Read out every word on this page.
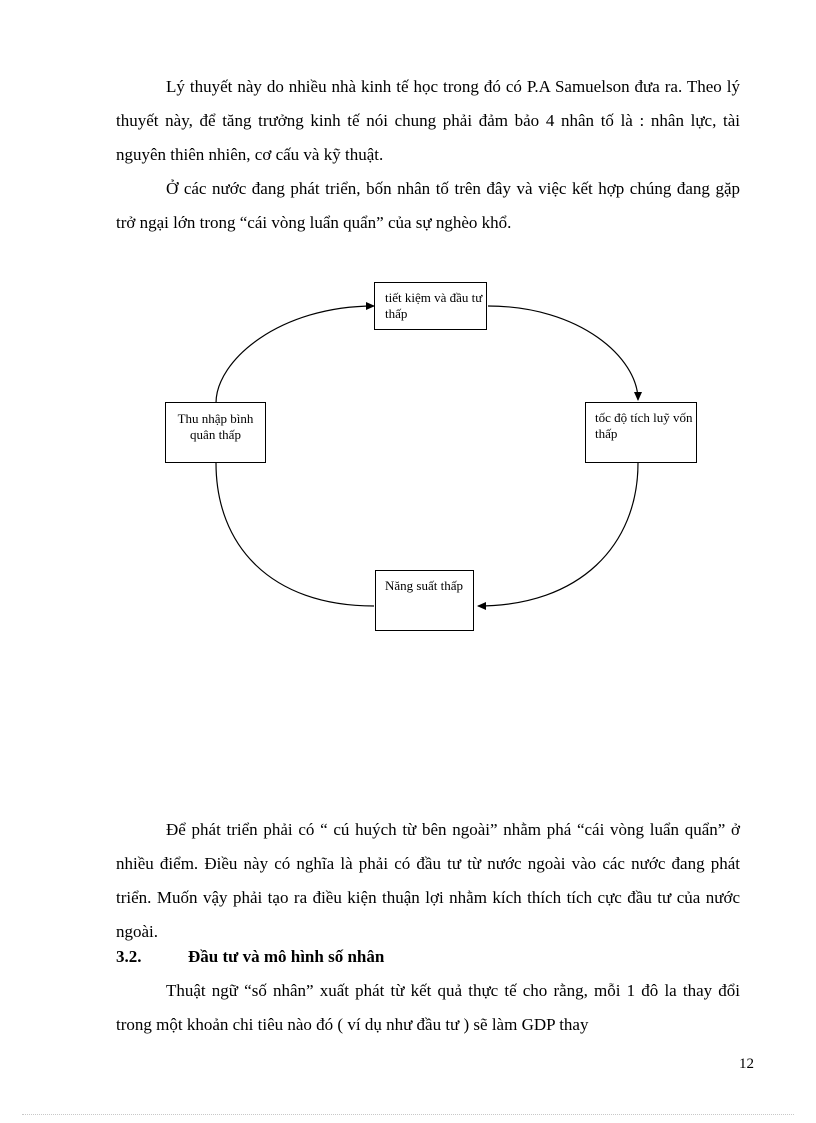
Lý thuyết này do nhiều nhà kinh tế học trong đó có P.A Samuelson đưa ra. Theo lý thuyết này, để tăng trưởng kinh tế nói chung phải đảm bảo 4 nhân tố là : nhân lực, tài nguyên thiên nhiên, cơ cấu và kỹ thuật.

Ở các nước đang phát triển, bốn nhân tố trên đây và việc kết hợp chúng đang gặp trở ngại lớn trong “cái vòng luẩn quẩn” của sự nghèo khổ.

tiết kiệm và đầu tư thấp
tốc độ tích luỹ vốn thấp
Năng suất thấp
Thu nhập bình quân thấp

Để phát triển phải có “ cú huých từ bên ngoài” nhằm phá “cái vòng luẩn quẩn” ở nhiều điểm. Điều này có nghĩa là phải có đầu tư từ nước ngoài vào các nước đang phát triển. Muốn vậy phải tạo ra điều kiện thuận lợi nhằm kích thích tích cực đầu tư của nước ngoài.

3.2.	Đầu tư và mô hình số nhân

Thuật ngữ “số nhân” xuất phát từ kết quả thực tế cho rằng, mỗi 1 đô la thay đổi trong một khoản chi tiêu nào đó ( ví dụ như đầu tư ) sẽ làm GDP thay

12
